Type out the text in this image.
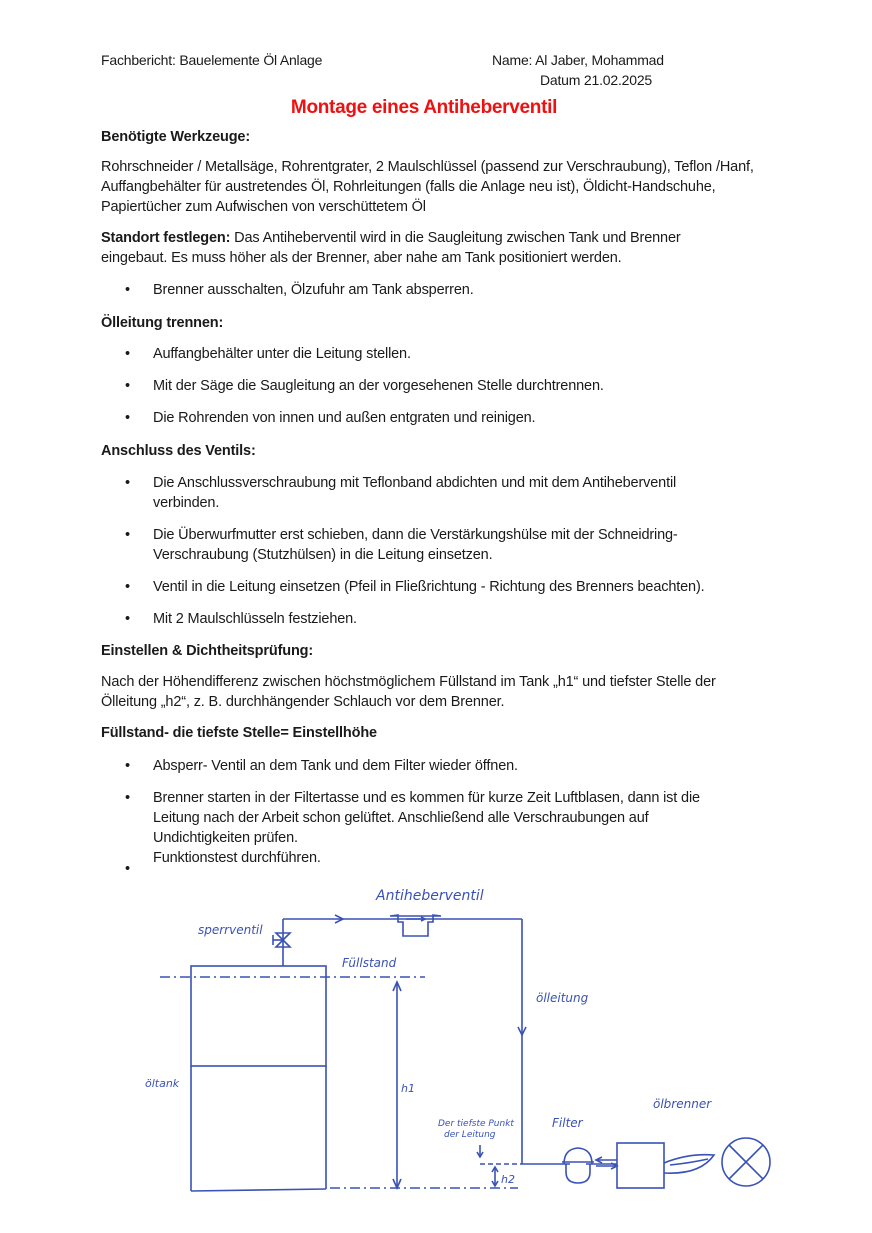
Fachbericht: Bauelemente Öl Anlage	Name: Al Jaber, Mohammad
Datum 21.02.2025
Montage eines Antiheberventil
Benötigte Werkzeuge:
Rohrschneider / Metallsäge, Rohrentgrater, 2 Maulschlüssel (passend zur Verschraubung), Teflon /Hanf, Auffangbehälter für austretendes Öl, Rohrleitungen (falls die Anlage neu ist), Öldicht-Handschuhe, Papiertücher zum Aufwischen von verschüttetem Öl
Standort festlegen: Das Antiheberventil wird in die Saugleitung zwischen Tank und Brenner eingebaut. Es muss höher als der Brenner, aber nahe am Tank positioniert werden.
• Brenner ausschalten, Ölzufuhr am Tank absperren.
Ölleitung trennen:
• Auffangbehälter unter die Leitung stellen.
• Mit der Säge die Saugleitung an der vorgesehenen Stelle durchtrennen.
• Die Rohrenden von innen und außen entgraten und reinigen.
Anschluss des Ventils:
• Die Anschlussverschraubung mit Teflonband abdichten und mit dem Antiheberventil verbinden.
• Die Überwurfmutter erst schieben, dann die Verstärkungshülse mit der Schneidring-Verschraubung (Stutzhülsen) in die Leitung einsetzen.
• Ventil in die Leitung einsetzen (Pfeil in Fließrichtung - Richtung des Brenners beachten).
• Mit 2 Maulschlüsseln festziehen.
Einstellen & Dichtheitsprüfung:
Nach der Höhendifferenz zwischen höchstmöglichem Füllstand im Tank „h1“ und tiefster Stelle der Ölleitung „h2“, z. B. durchhängender Schlauch vor dem Brenner.
Füllstand- die tiefste Stelle= Einstellhöhe
• Absperr- Ventil an dem Tank und dem Filter wieder öffnen.
• Brenner starten in der Filtertasse und es kommen für kurze Zeit Luftblasen, dann ist die Leitung nach der Arbeit schon gelüftet. Anschließend alle Verschraubungen auf Undichtigkeiten prüfen.
Funktionstest durchführen.
•
Antiheberventil
sperrventil
Füllstand
ölleitung
öltank	h1
Der tiefste Punkt
der Leitung
h2
Filter
ölbrenner
